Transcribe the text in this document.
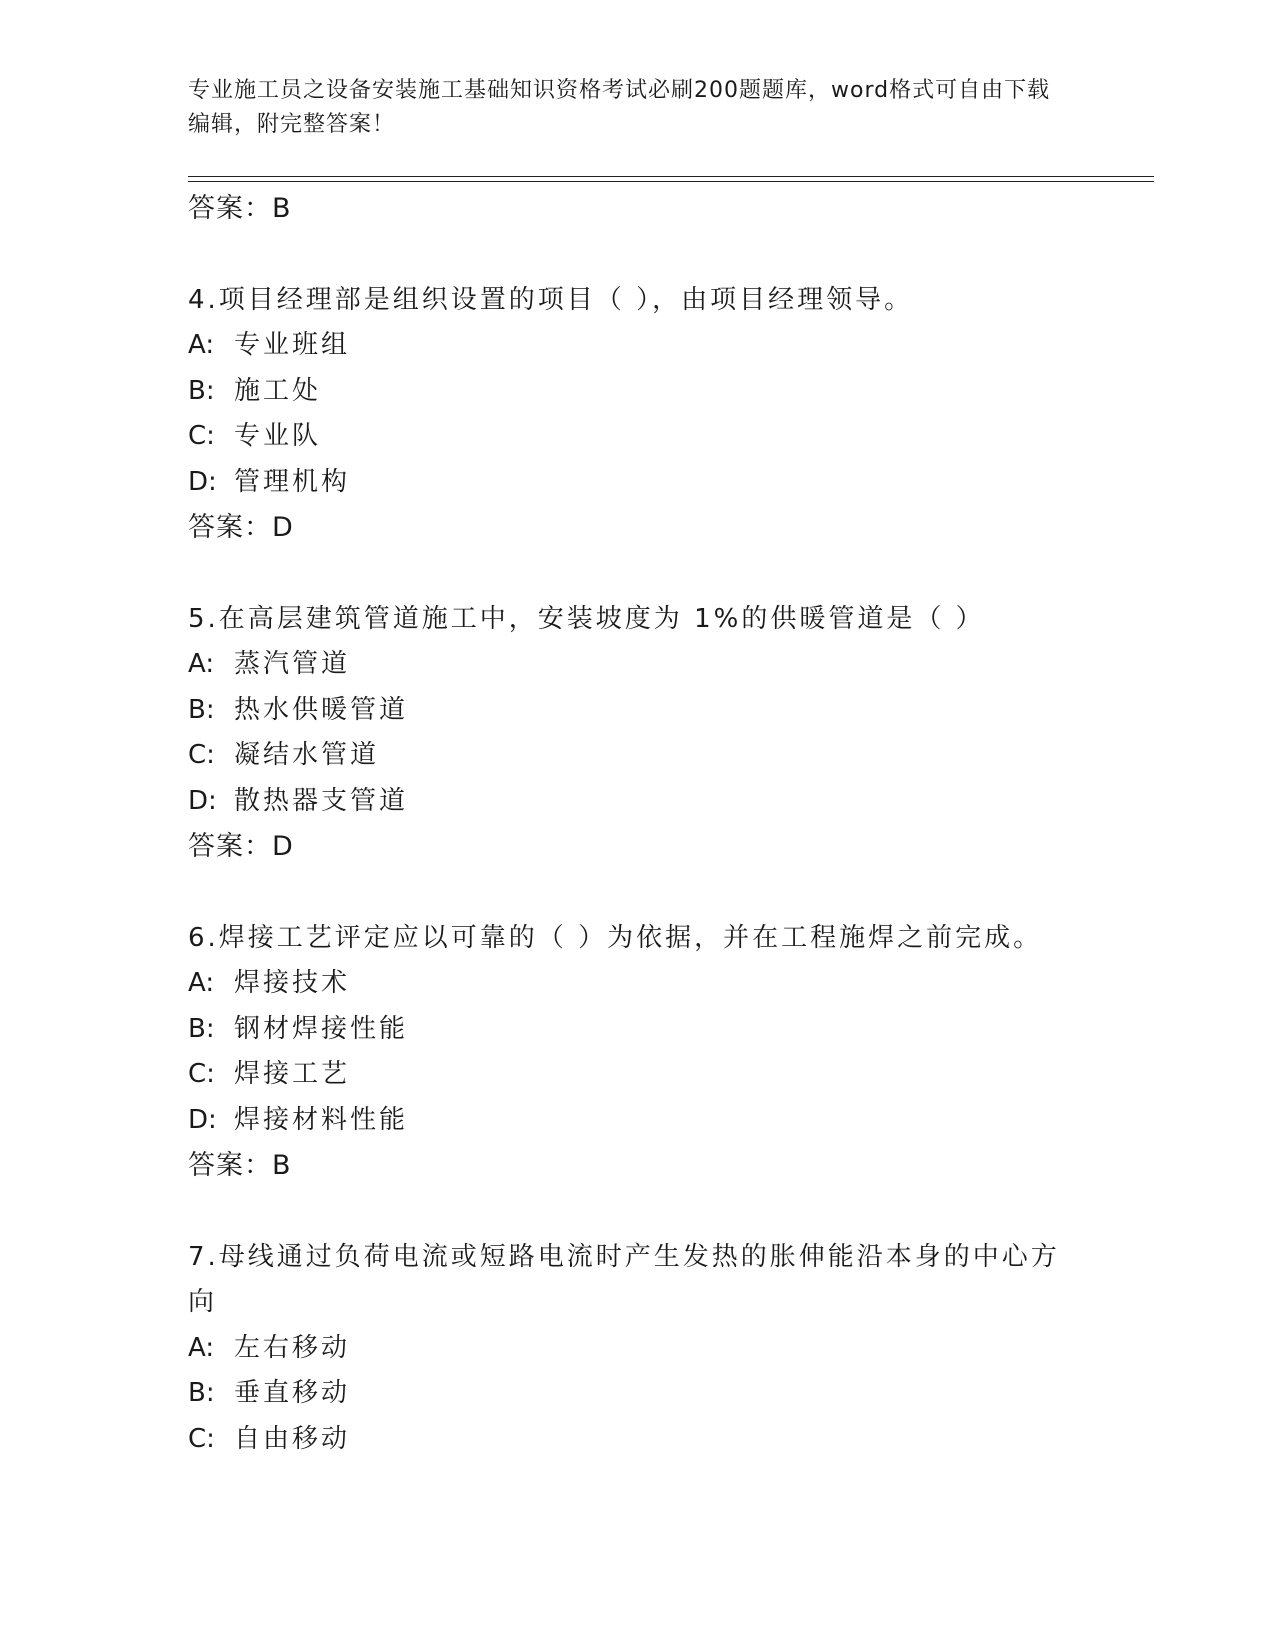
专业施工员之设备安装施工基础知识资格考试必刷200题题库，word格式可自由下载编辑，附完整答案！
答案：B
4.项目经理部是组织设置的项目（ ），由项目经理领导。
A: 专业班组
B: 施工处
C: 专业队
D: 管理机构
答案：D
5.在高层建筑管道施工中，安装坡度为 1%的供暖管道是（ ）
A: 蒸汽管道
B: 热水供暖管道
C: 凝结水管道
D: 散热器支管道
答案：D
6.焊接工艺评定应以可靠的（ ）为依据，并在工程施焊之前完成。
A: 焊接技术
B: 钢材焊接性能
C: 焊接工艺
D: 焊接材料性能
答案：B
7.母线通过负荷电流或短路电流时产生发热的胀伸能沿本身的中心方向
A: 左右移动
B: 垂直移动
C: 自由移动
